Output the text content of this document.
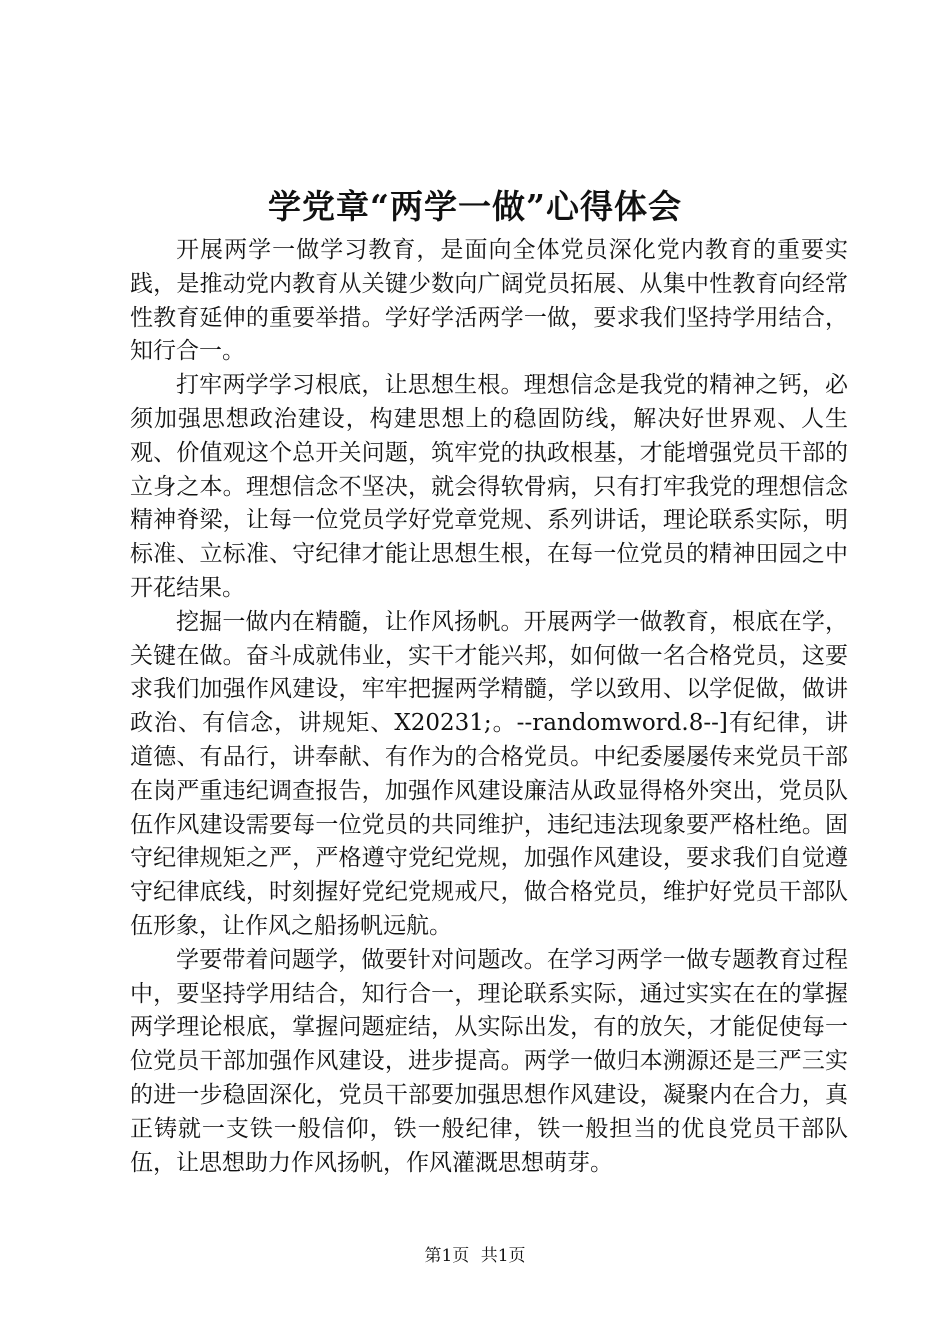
学党章“两学一做”心得体会

开展两学一做学习教育，是面向全体党员深化党内教育的重要实践，是推动党内教育从关键少数向广阔党员拓展、从集中性教育向经常性教育延伸的重要举措。学好学活两学一做，要求我们坚持学用结合，知行合一。

打牢两学学习根底，让思想生根。理想信念是我党的精神之钙，必须加强思想政治建设，构建思想上的稳固防线，解决好世界观、人生观、价值观这个总开关问题，筑牢党的执政根基，才能增强党员干部的立身之本。理想信念不坚决，就会得软骨病，只有打牢我党的理想信念精神脊梁，让每一位党员学好党章党规、系列讲话，理论联系实际，明标准、立标准、守纪律才能让思想生根，在每一位党员的精神田园之中开花结果。

挖掘一做内在精髓，让作风扬帆。开展两学一做教育，根底在学，关键在做。奋斗成就伟业，实干才能兴邦，如何做一名合格党员，这要求我们加强作风建设，牢牢把握两学精髓，学以致用、以学促做，做讲政治、有信念，讲规矩、X20231;。--randomword.8--]有纪律，讲道德、有品行，讲奉献、有作为的合格党员。中纪委屡屡传来党员干部在岗严重违纪调查报告，加强作风建设廉洁从政显得格外突出，党员队伍作风建设需要每一位党员的共同维护，违纪违法现象要严格杜绝。固守纪律规矩之严，严格遵守党纪党规，加强作风建设，要求我们自觉遵守纪律底线，时刻握好党纪党规戒尺，做合格党员，维护好党员干部队伍形象，让作风之船扬帆远航。

学要带着问题学，做要针对问题改。在学习两学一做专题教育过程中，要坚持学用结合，知行合一，理论联系实际，通过实实在在的掌握两学理论根底，掌握问题症结，从实际出发，有的放矢，才能促使每一位党员干部加强作风建设，进步提高。两学一做归本溯源还是三严三实的进一步稳固深化，党员干部要加强思想作风建设，凝聚内在合力，真正铸就一支铁一般信仰，铁一般纪律，铁一般担当的优良党员干部队伍，让思想助力作风扬帆，作风灌溉思想萌芽。

第1页 共1页
